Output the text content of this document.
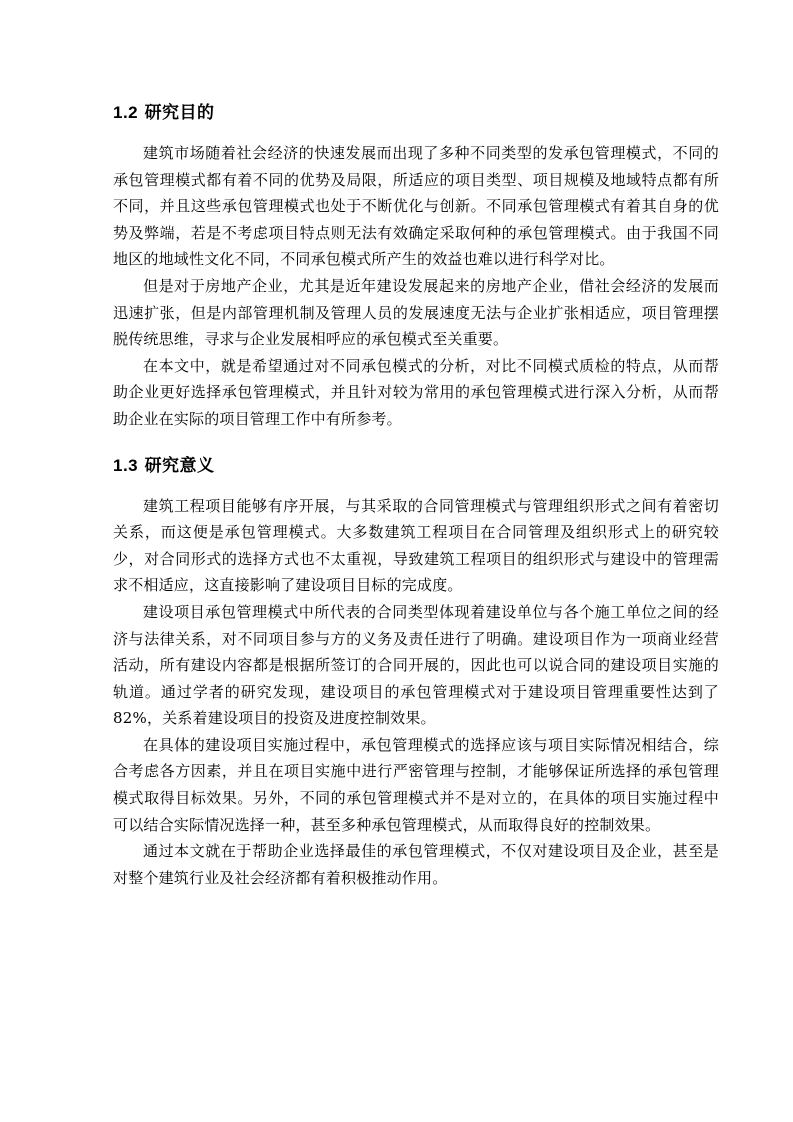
1.2 研究目的

建筑市场随着社会经济的快速发展而出现了多种不同类型的发承包管理模式，不同的承包管理模式都有着不同的优势及局限，所适应的项目类型、项目规模及地域特点都有所不同，并且这些承包管理模式也处于不断优化与创新。不同承包管理模式有着其自身的优势及弊端，若是不考虑项目特点则无法有效确定采取何种的承包管理模式。由于我国不同地区的地域性文化不同，不同承包模式所产生的效益也难以进行科学对比。

但是对于房地产企业，尤其是近年建设发展起来的房地产企业，借社会经济的发展而迅速扩张，但是内部管理机制及管理人员的发展速度无法与企业扩张相适应，项目管理摆脱传统思维，寻求与企业发展相呼应的承包模式至关重要。

在本文中，就是希望通过对不同承包模式的分析，对比不同模式质检的特点，从而帮助企业更好选择承包管理模式，并且针对较为常用的承包管理模式进行深入分析，从而帮助企业在实际的项目管理工作中有所参考。

1.3 研究意义

建筑工程项目能够有序开展，与其采取的合同管理模式与管理组织形式之间有着密切关系，而这便是承包管理模式。大多数建筑工程项目在合同管理及组织形式上的研究较少，对合同形式的选择方式也不太重视，导致建筑工程项目的组织形式与建设中的管理需求不相适应，这直接影响了建设项目目标的完成度。

建设项目承包管理模式中所代表的合同类型体现着建设单位与各个施工单位之间的经济与法律关系，对不同项目参与方的义务及责任进行了明确。建设项目作为一项商业经营活动，所有建设内容都是根据所签订的合同开展的，因此也可以说合同的建设项目实施的轨道。通过学者的研究发现，建设项目的承包管理模式对于建设项目管理重要性达到了 82%，关系着建设项目的投资及进度控制效果。

在具体的建设项目实施过程中，承包管理模式的选择应该与项目实际情况相结合，综合考虑各方因素，并且在项目实施中进行严密管理与控制，才能够保证所选择的承包管理模式取得目标效果。另外，不同的承包管理模式并不是对立的，在具体的项目实施过程中可以结合实际情况选择一种，甚至多种承包管理模式，从而取得良好的控制效果。

通过本文就在于帮助企业选择最佳的承包管理模式，不仅对建设项目及企业，甚至是对整个建筑行业及社会经济都有着积极推动作用。
